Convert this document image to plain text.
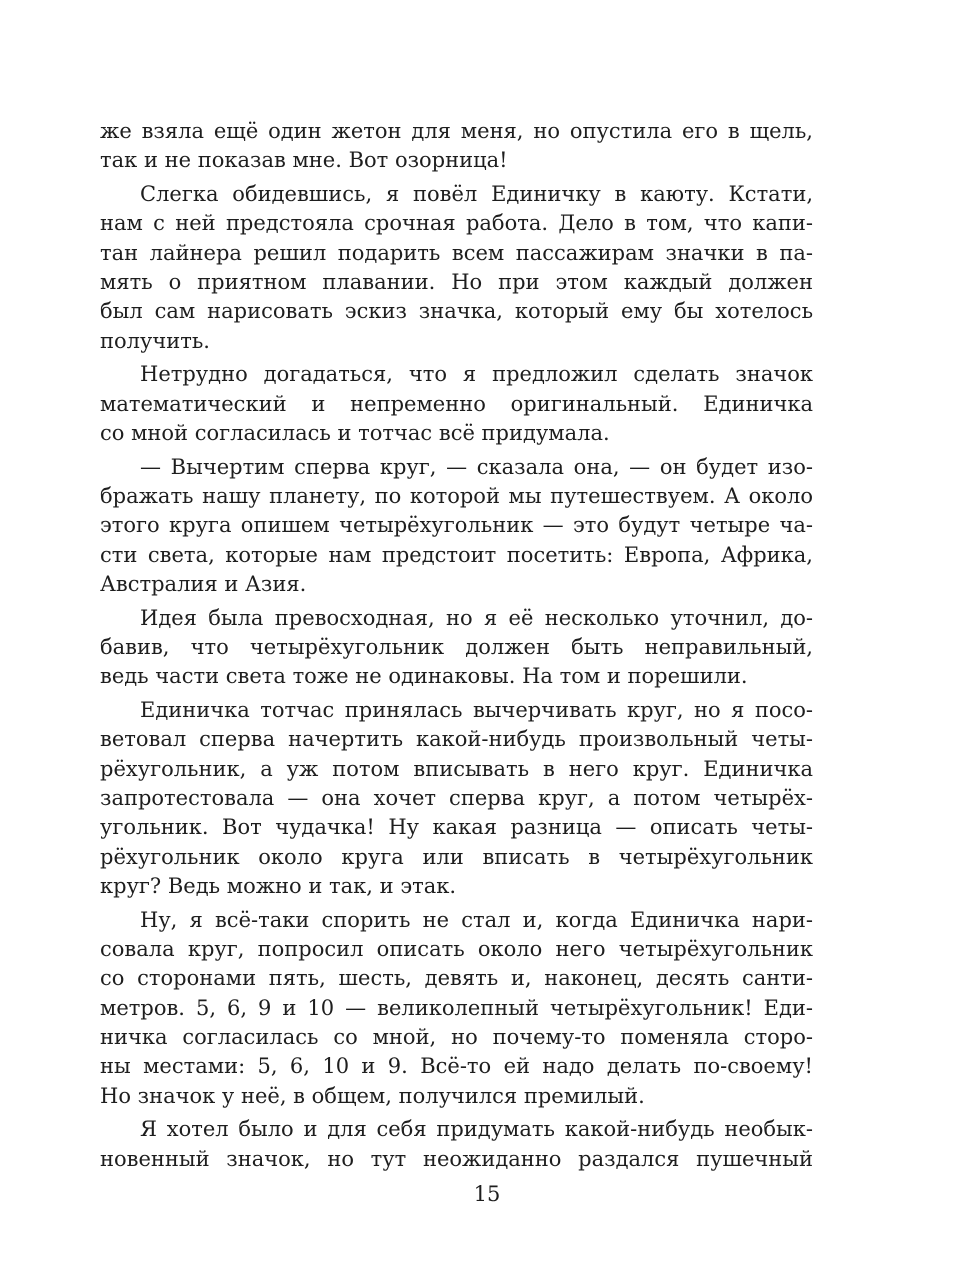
же взяла ещё один жетон для меня, но опустила его в щель,
так и не показав мне. Вот озорница!

Слегка обидевшись, я повёл Единичку в каюту. Кстати,
нам с ней предстояла срочная работа. Дело в том, что капи-
тан лайнера решил подарить всем пассажирам значки в па-
мять о приятном плавании. Но при этом каждый должен
был сам нарисовать эскиз значка, который ему бы хотелось
получить.

Нетрудно догадаться, что я предложил сделать значок
математический и непременно оригинальный. Единичка
со мной согласилась и тотчас всё придумала.

— Вычертим сперва круг, — сказала она, — он будет изо-
бражать нашу планету, по которой мы путешествуем. А около
этого круга опишем четырёхугольник — это будут четыре ча-
сти света, которые нам предстоит посетить: Европа, Африка,
Австралия и Азия.

Идея была превосходная, но я её несколько уточнил, до-
бавив, что четырёхугольник должен быть неправильный,
ведь части света тоже не одинаковы. На том и порешили.

Единичка тотчас принялась вычерчивать круг, но я посо-
ветовал сперва начертить какой-нибудь произвольный четы-
рёхугольник, а уж потом вписывать в него круг. Единичка
запротестовала — она хочет сперва круг, а потом четырёх-
угольник. Вот чудачка! Ну какая разница — описать четы-
рёхугольник около круга или вписать в четырёхугольник
круг? Ведь можно и так, и этак.

Ну, я всё-таки спорить не стал и, когда Единичка нари-
совала круг, попросил описать около него четырёхугольник
со сторонами пять, шесть, девять и, наконец, десять санти-
метров. 5, 6, 9 и 10 — великолепный четырёхугольник! Еди-
ничка согласилась со мной, но почему-то поменяла сторо-
ны местами: 5, 6, 10 и 9. Всё-то ей надо делать по-своему!
Но значок у неё, в общем, получился премилый.

Я хотел было и для себя придумать какой-нибудь необык-
новенный значок, но тут неожиданно раздался пушечный

15
